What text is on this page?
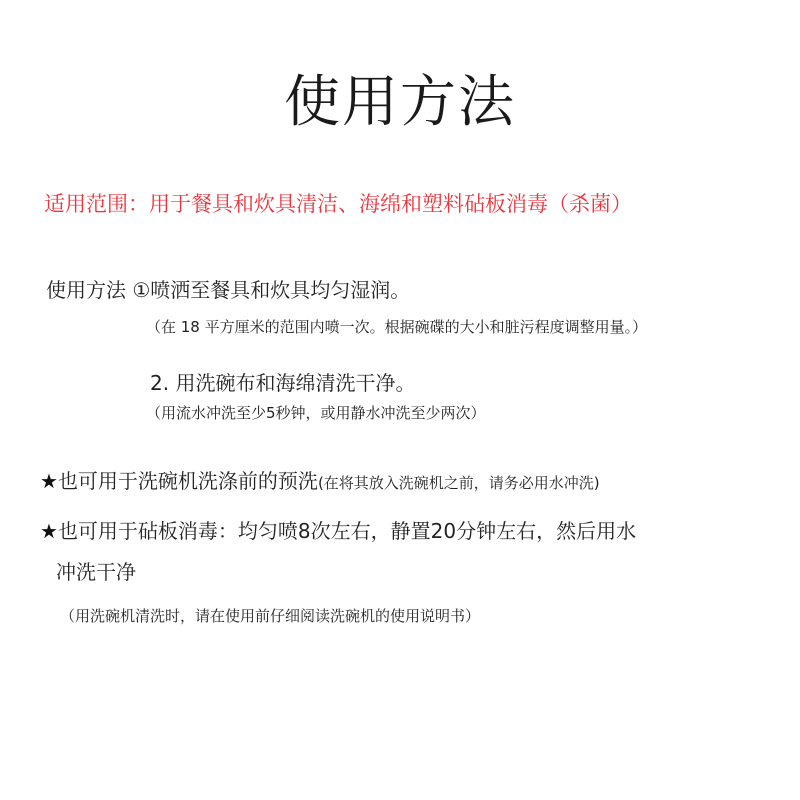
使用方法
适用范围：用于餐具和炊具清洁、海绵和塑料砧板消毒（杀菌）
使用方法 ①喷洒至餐具和炊具均匀湿润。
（在 18 平方厘米的范围内喷一次。根据碗碟的大小和脏污程度调整用量。）
2. 用洗碗布和海绵清洗干净。
（用流水冲洗至少5秒钟，或用静水冲洗至少两次）
★也可用于洗碗机洗涤前的预洗(在将其放入洗碗机之前，请务必用水冲洗)
★也可用于砧板消毒：均匀喷8次左右，静置20分钟左右，然后用水
冲洗干净
（用洗碗机清洗时，请在使用前仔细阅读洗碗机的使用说明书）
